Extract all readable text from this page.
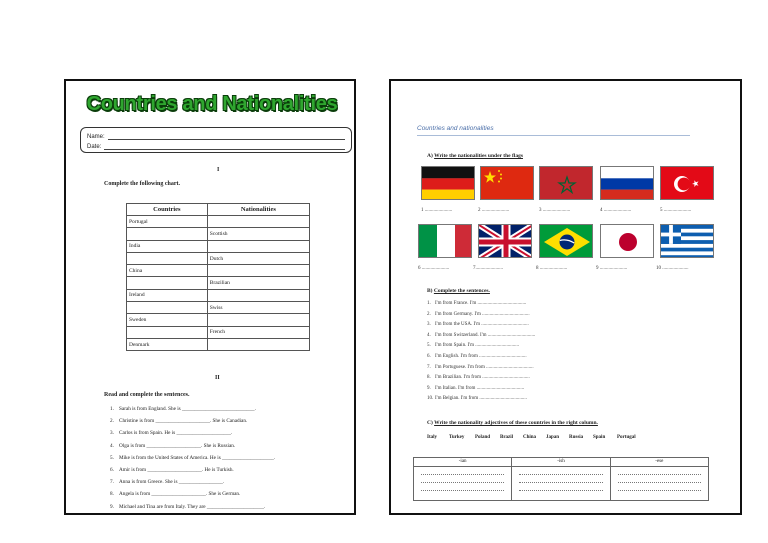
Countries and Nationalities
Name:
Date:
I
Complete the following chart.
Countries	Nationalities
Portugal	
	Scottish
India	
	Dutch
China	
	Brazilian
Ireland	
	Swiss
Sweden	
	French
Denmark	
II
Read and complete the sentences.
1. Sarah is from England. She is ____________________________.
2. Christine is from _____________________. She is Canadian.
3. Carlos is from Spain. He is _____________________.
4. Olga is from _____________________. She is Russian.
5. Mike is from the United States of America. He is ____________________.
6. Amir is from _____________________. He is Turkish.
7. Anna is from Greece. She is _________________.
8. Angela is from _____________________. She is German.
9. Michael and Tina are from Italy. They are ______________________.
Countries and nationalities
A) Write the nationalities under the flags
1 ......................	2 ......................	3 ......................	4 ......................	5 ......................
6 ......................	7......................	8 ......................	9 ......................	10 .....................
B) Complete the sentences.
1. I'm from France. I'm .......................................
2. I'm from Germany. I'm ......................................
3. I'm from the USA. I'm ......................................
4. I'm from Switzerland. I'm ......................................
5. I'm from Spain. I'm ...................................
6. I'm English. I'm from ......................................
7. I'm Portuguese. I'm from ......................................
8. I'm Brazilian. I'm from ......................................
9. I'm Italian. I'm from ......................................
10. I'm Belgian. I'm from ......................................
C) Write the nationality adjectives of these countries in the right column.
Italy Turkey Poland Brazil China Japan Russia Spain Portugal
-ian	-ish	-ese
